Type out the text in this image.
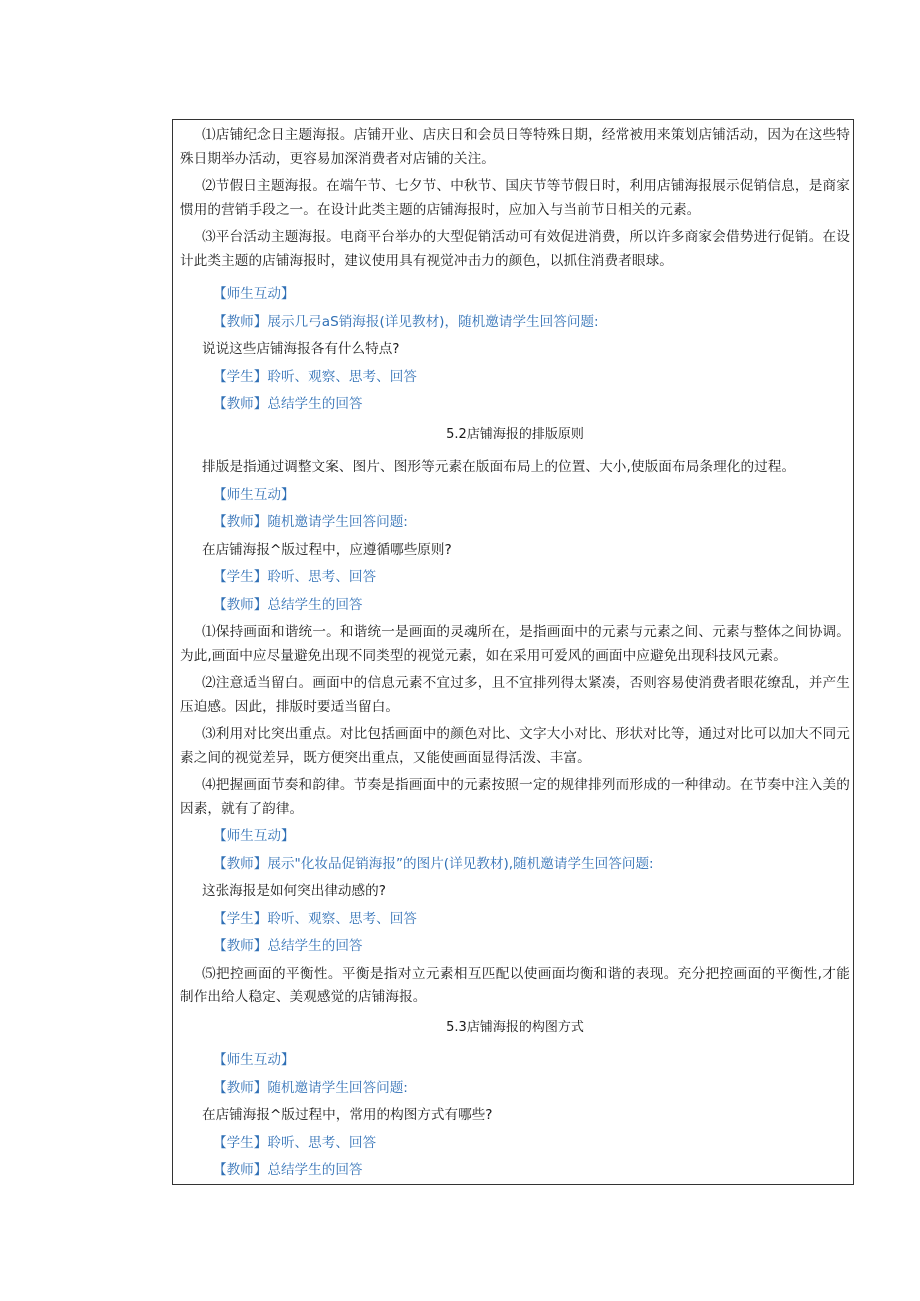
⑴店铺纪念日主题海报。店铺开业、店庆日和会员日等特殊日期，经常被用来策划店铺活动，因为在这些特殊日期举办活动，更容易加深消费者对店铺的关注。

⑵节假日主题海报。在端午节、七夕节、中秋节、国庆节等节假日时，利用店铺海报展示促销信息，是商家惯用的营销手段之一。在设计此类主题的店铺海报时，应加入与当前节日相关的元素。

⑶平台活动主题海报。电商平台举办的大型促销活动可有效促进消费，所以许多商家会借势进行促销。在设计此类主题的店铺海报时，建议使用具有视觉冲击力的颜色，以抓住消费者眼球。

【师生互动】
【教师】展示几弓aS销海报(详见教材)，随机邀请学生回答问题:
说说这些店铺海报各有什么特点?
【学生】聆听、观察、思考、回答
【教师】总结学生的回答
5.2店铺海报的排版原则

排版是指通过调整文案、图片、图形等元素在版面布局上的位置、大小,使版面布局条理化的过程。

【师生互动】
【教师】随机邀请学生回答问题:
在店铺海报^版过程中，应遵循哪些原则?
【学生】聆听、思考、回答
【教师】总结学生的回答

⑴保持画面和谐统一。和谐统一是画面的灵魂所在，是指画面中的元素与元素之间、元素与整体之间协调。为此,画面中应尽量避免出现不同类型的视觉元素，如在采用可爱风的画面中应避免出现科技风元素。

⑵注意适当留白。画面中的信息元素不宜过多，且不宜排列得太紧凑，否则容易使消费者眼花缭乱，并产生压迫感。因此，排版时要适当留白。

⑶利用对比突出重点。对比包括画面中的颜色对比、文字大小对比、形状对比等，通过对比可以加大不同元素之间的视觉差异，既方便突出重点，又能使画面显得活泼、丰富。

⑷把握画面节奏和韵律。节奏是指画面中的元素按照一定的规律排列而形成的一种律动。在节奏中注入美的因素，就有了韵律。

【师生互动】
【教师】展示"化妆品促销海报”的图片(详见教材),随机邀请学生回答问题:
这张海报是如何突出律动感的?
【学生】聆听、观察、思考、回答
【教师】总结学生的回答

⑸把控画面的平衡性。平衡是指对立元素相互匹配以使画面均衡和谐的表现。充分把控画面的平衡性,才能制作出给人稳定、美观感觉的店铺海报。

5.3店铺海报的构图方式
【师生互动】
【教师】随机邀请学生回答问题:
在店铺海报^版过程中，常用的构图方式有哪些?
【学生】聆听、思考、回答
【教师】总结学生的回答
